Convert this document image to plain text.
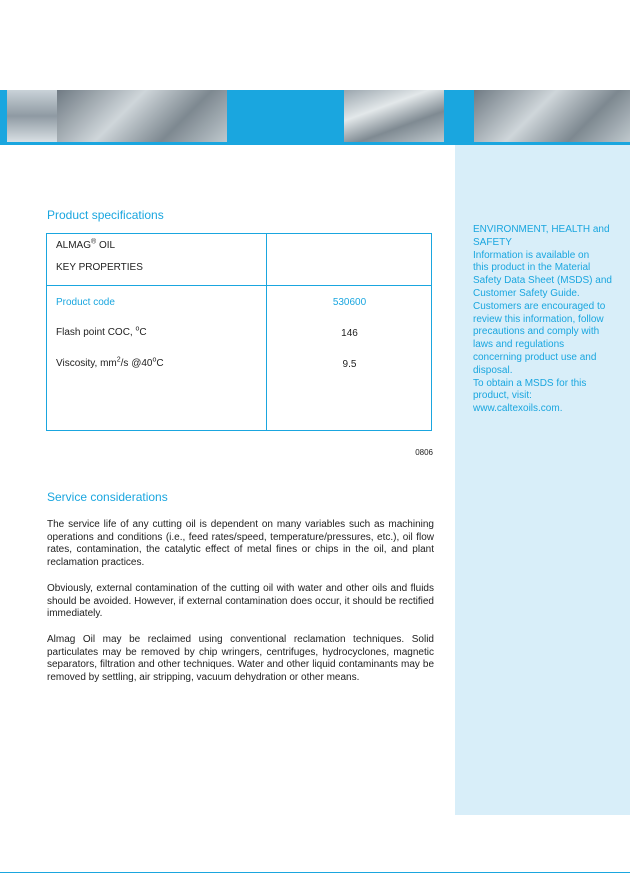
ENVIRONMENT, HEALTH and
SAFETY
Information is available on
this product in the Material
Safety Data Sheet (MSDS) and
Customer Safety Guide.
Customers are encouraged to
review this information, follow
precautions and comply with
laws and regulations
concerning product use and
disposal.
To obtain a MSDS for this
product, visit:
www.caltexoils.com.
Product specifications
ALMAG® OIL
KEY PROPERTIES
Product code	530600
Flash point COC, $^o$C	146
Viscosity, $mm^2/s$ @40$^o$C	9.5
0806
Service considerations

The service life of any cutting oil is dependent on many variables such as machining operations and conditions (i.e., feed rates/speed, temperature/pressures, etc.), oil flow rates, contamination, the catalytic effect of metal fines or chips in the oil, and plant reclamation practices.

Obviously, external contamination of the cutting oil with water and other oils and fluids should be avoided. However, if external contamination does occur, it should be rectified immediately.

Almag Oil may be reclaimed using conventional reclamation techniques. Solid particulates may be removed by chip wringers, centrifuges, hydrocyclones, magnetic separators, filtration and other techniques. Water and other liquid contaminants may be removed by settling, air stripping, vacuum dehydration or other means.
